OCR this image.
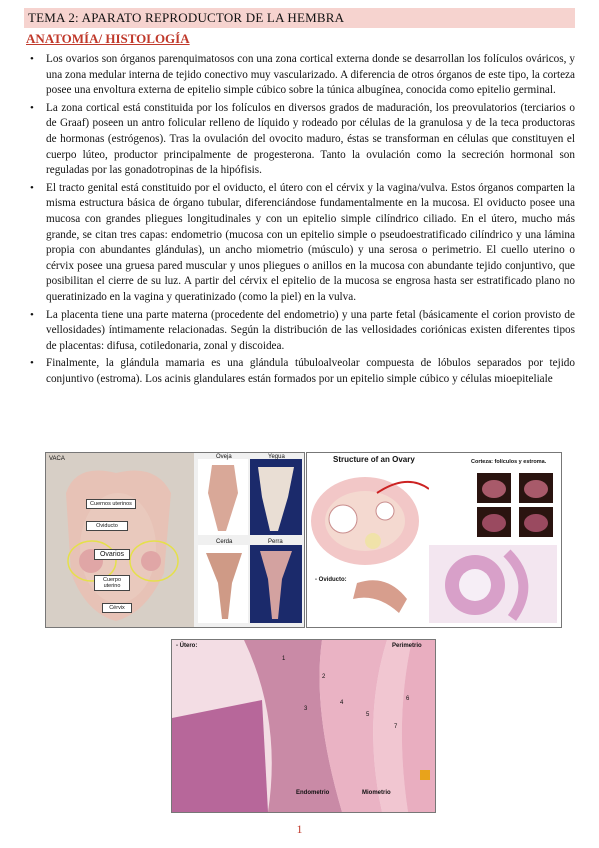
TEMA 2: APARATO REPRODUCTOR DE LA HEMBRA
ANATOMÍA/ HISTOLOGÍA
• Los ovarios son órganos parenquimatosos con una zona cortical externa donde se desarrollan los folículos ováricos, y una zona medular interna de tejido conectivo muy vascularizado. A diferencia de otros órganos de este tipo, la corteza posee una envoltura externa de epitelio simple cúbico sobre la túnica albugínea, conocida como epitelio germinal.
• La zona cortical está constituida por los folículos en diversos grados de maduración, los preovulatorios (terciarios o de Graaf) poseen un antro folicular relleno de líquido y rodeado por células de la granulosa y de la teca productoras de hormonas (estrógenos). Tras la ovulación del ovocito maduro, éstas se transforman en células que constituyen el cuerpo lúteo, productor principalmente de progesterona. Tanto la ovulación como la secreción hormonal son reguladas por las gonadotropinas de la hipófisis.
• El tracto genital está constituido por el oviducto, el útero con el cérvix y la vagina/vulva. Estos órganos comparten la misma estructura básica de órgano tubular, diferenciándose fundamentalmente en la mucosa. El oviducto posee una mucosa con grandes pliegues longitudinales y con un epitelio simple cilíndrico ciliado. En el útero, mucho más grande, se citan tres capas: endometrio (mucosa con un epitelio simple o pseudoestratificado cilíndrico y una lámina propia con abundantes glándulas), un ancho miometrio (músculo) y una serosa o perimetrio. El cuello uterino o cérvix posee una gruesa pared muscular y unos pliegues o anillos en la mucosa con abundante tejido conjuntivo, que posibilitan el cierre de su luz. A partir del cérvix el epitelio de la mucosa se engrosa hasta ser estratificado plano no queratinizado en la vagina y queratinizado (como la piel) en la vulva.
• La placenta tiene una parte materna (procedente del endometrio) y una parte fetal (básicamente el corion provisto de vellosidades) íntimamente relacionadas. Según la distribución de las vellosidades coriónicas existen diferentes tipos de placentas: difusa, cotiledonaria, zonal y discoidea.
• Finalmente, la glándula mamaria es una glándula túbuloalveolar compuesta de lóbulos separados por tejido conjuntivo (estroma). Los acinis glandulares están formados por un epitelio simple cúbico y células mioepiteliale
VACA
Cuernos uterinos
Oviducto
Ovarios
Cuerpo uterino
Cérvix
Oveja	Yegua
Cerda	Perra
Structure of an Ovary	Corteza: folículos y estroma.
- Oviducto:
- Útero:	Perimetrio
Endometrio	Miometrio
1
2
3
4
5
6
7
1
